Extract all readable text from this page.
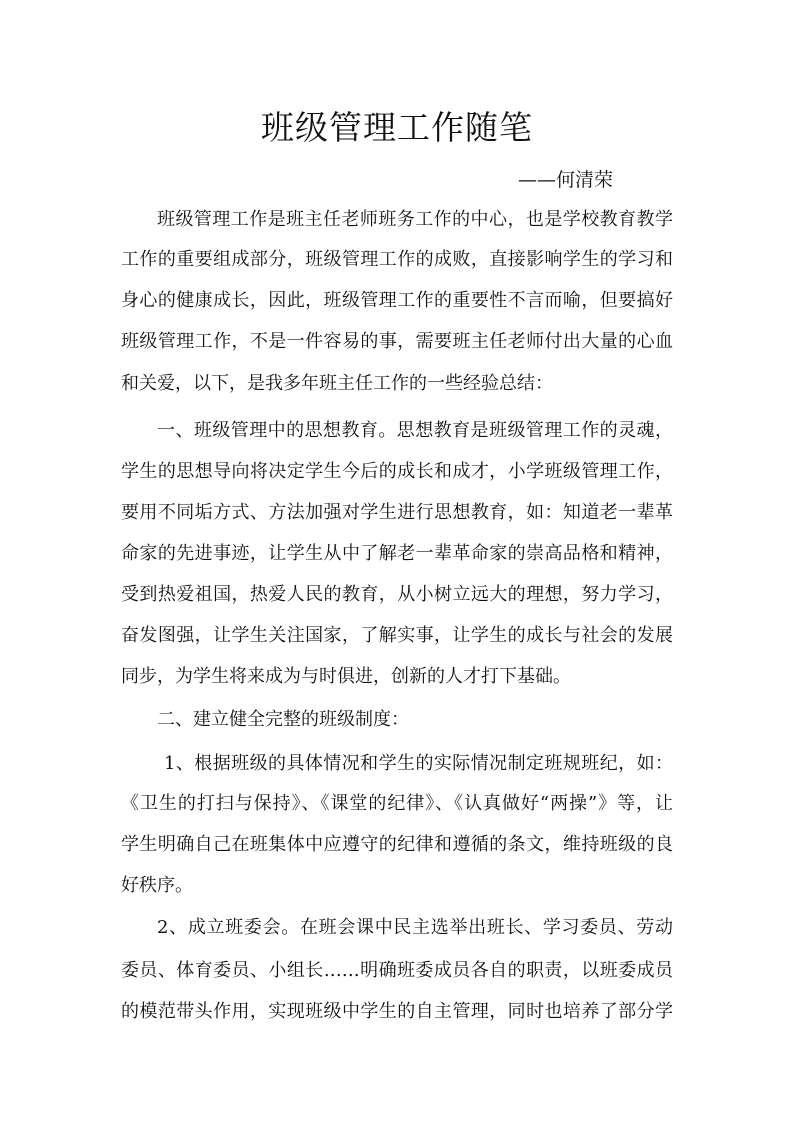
班级管理工作随笔
——何清荣
班级管理工作是班主任老师班务工作的中心，也是学校教育教学
工作的重要组成部分，班级管理工作的成败，直接影响学生的学习和
身心的健康成长，因此，班级管理工作的重要性不言而喻，但要搞好
班级管理工作，不是一件容易的事，需要班主任老师付出大量的心血
和关爱，以下，是我多年班主任工作的一些经验总结：
一、班级管理中的思想教育。思想教育是班级管理工作的灵魂，
学生的思想导向将决定学生今后的成长和成才，小学班级管理工作，
要用不同垢方式、方法加强对学生进行思想教育，如：知道老一辈革
命家的先进事迹，让学生从中了解老一辈革命家的崇高品格和精神，
受到热爱祖国，热爱人民的教育，从小树立远大的理想，努力学习，
奋发图强，让学生关注国家，了解实事，让学生的成长与社会的发展
同步，为学生将来成为与时俱进，创新的人才打下基础。
二、建立健全完整的班级制度：
1、根据班级的具体情况和学生的实际情况制定班规班纪，如：
《卫生的打扫与保持》、《课堂的纪律》、《认真做好“两操”》等，让
学生明确自己在班集体中应遵守的纪律和遵循的条文，维持班级的良
好秩序。
2、成立班委会。在班会课中民主选举出班长、学习委员、劳动
委员、体育委员、小组长……明确班委成员各自的职责，以班委成员
的模范带头作用，实现班级中学生的自主管理，同时也培养了部分学
